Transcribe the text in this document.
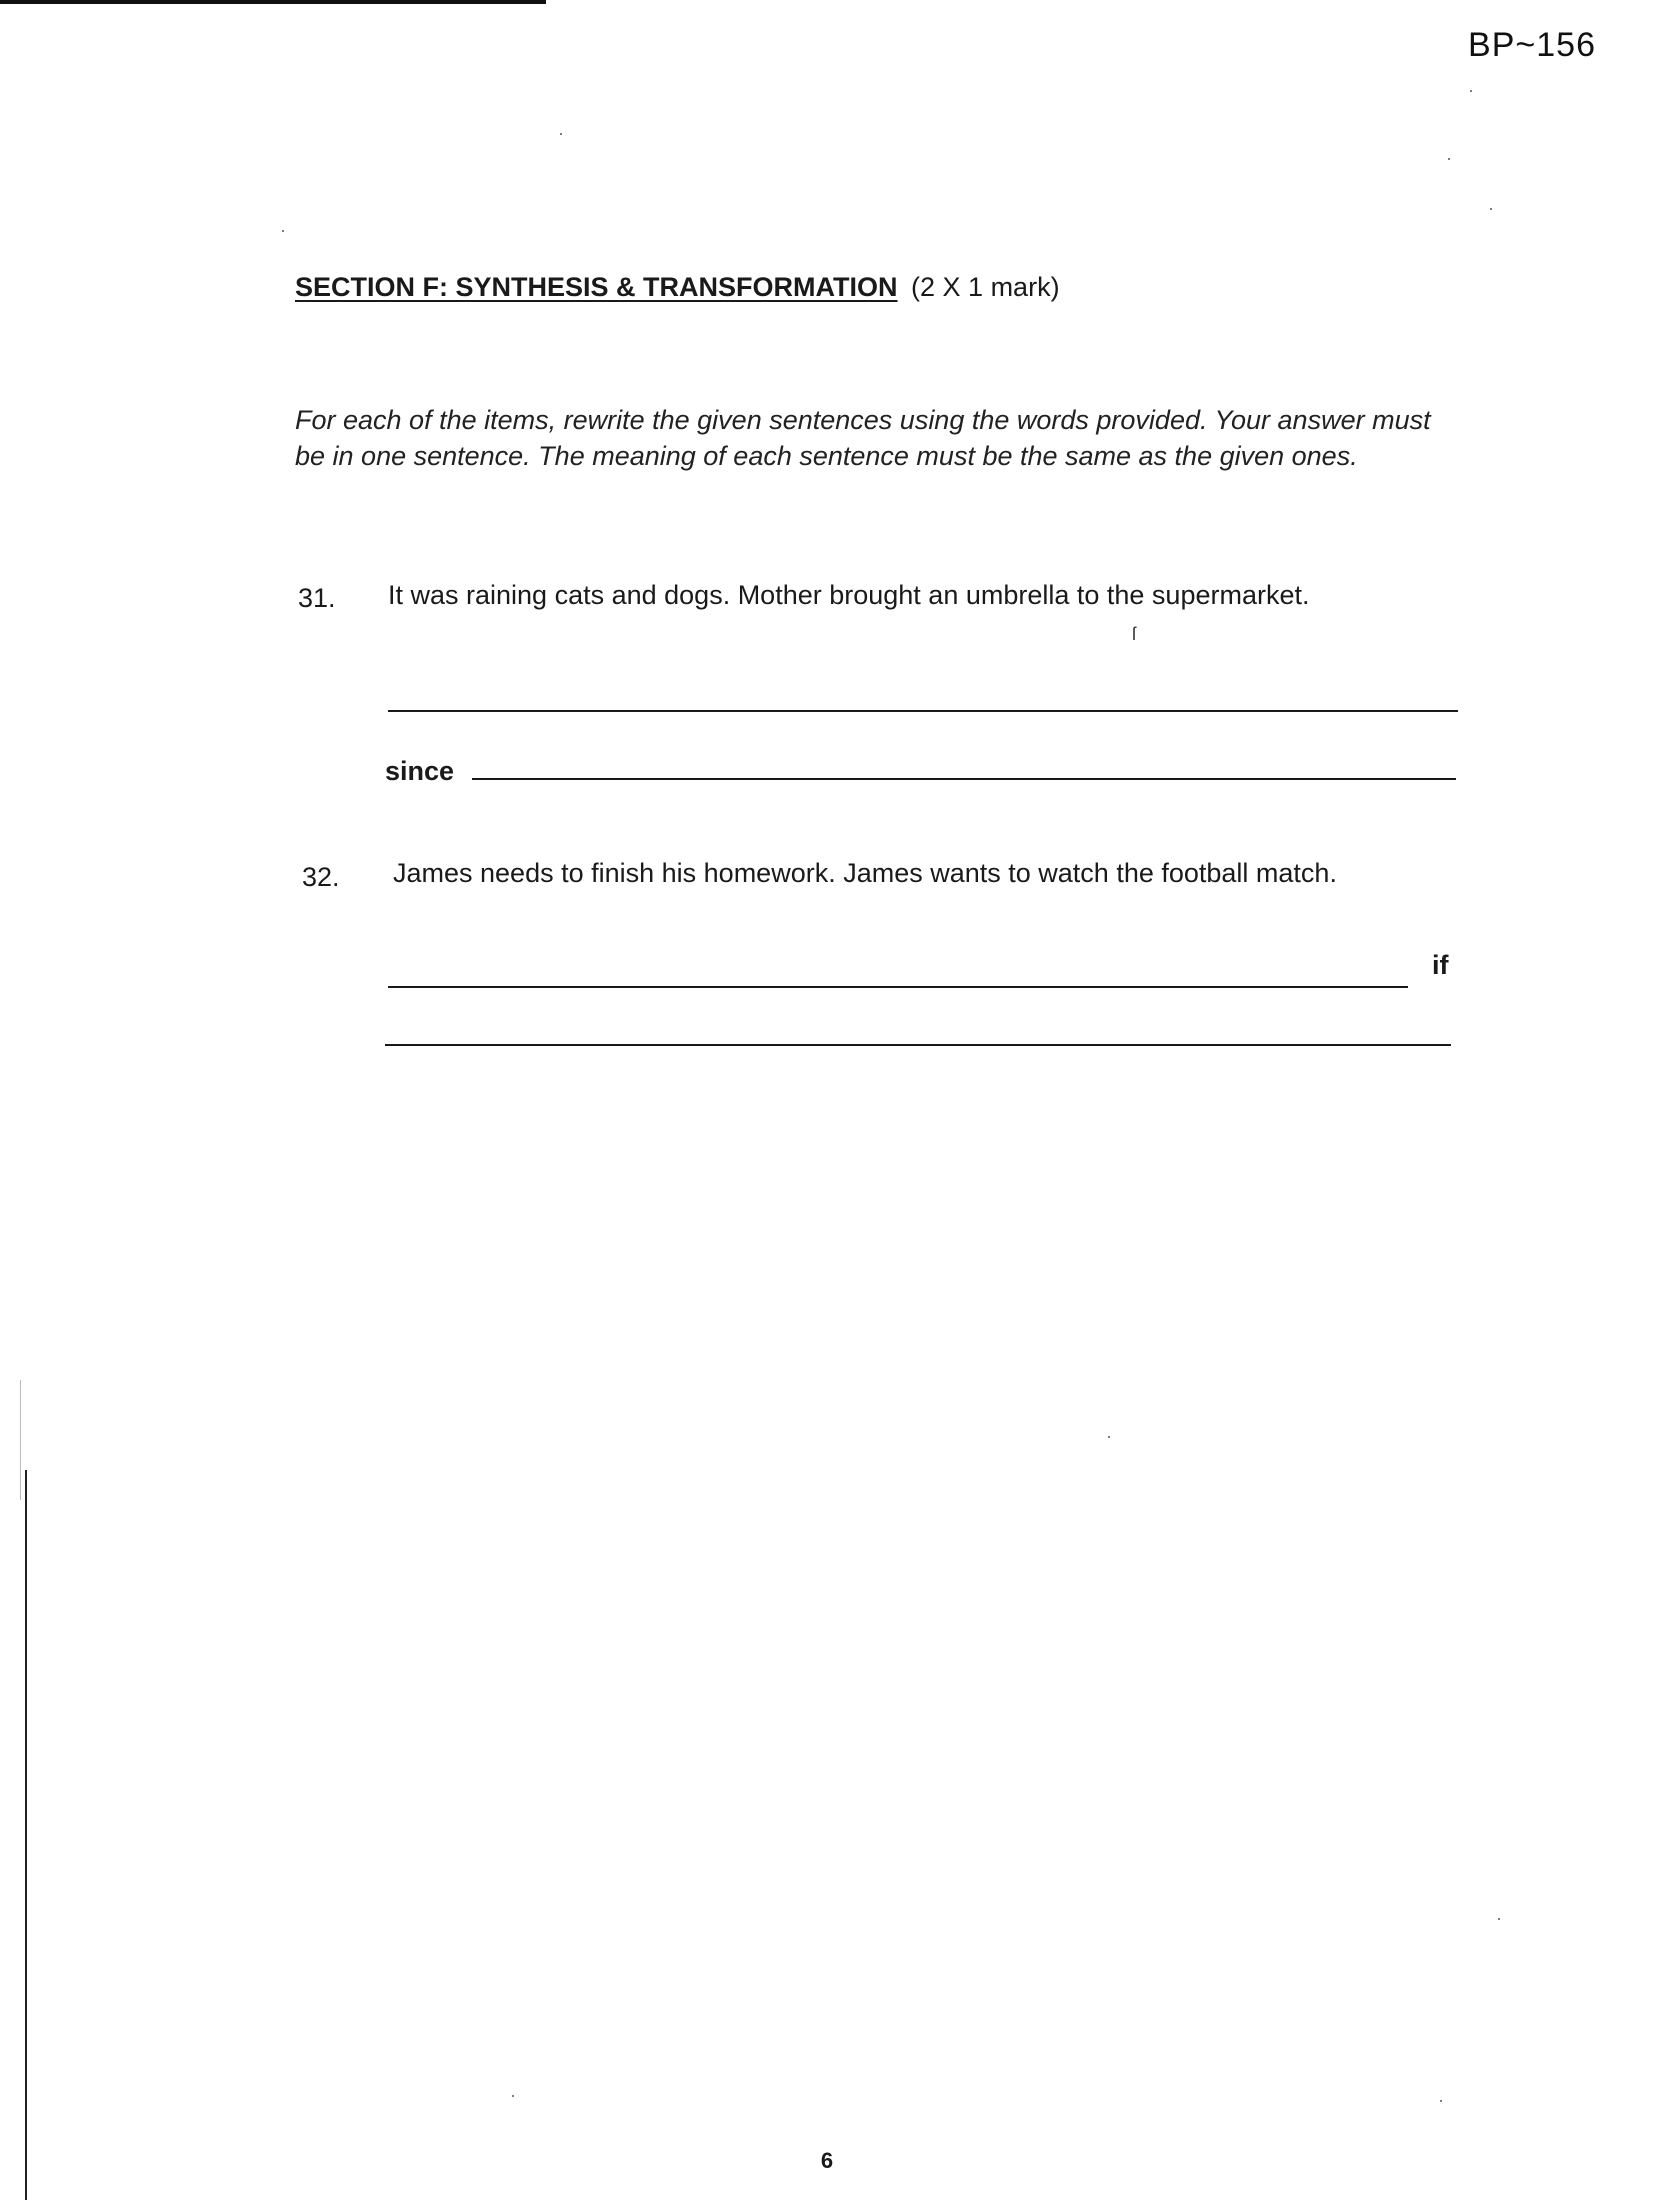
BP~156
SECTION F: SYNTHESIS & TRANSFORMATION (2 X 1 mark)
For each of the items, rewrite the given sentences using the words provided. Your answer must be in one sentence. The meaning of each sentence must be the same as the given ones.
31. It was raining cats and dogs. Mother brought an umbrella to the supermarket.
ſ
since
32. James needs to finish his homework. James wants to watch the football match.
if
6
